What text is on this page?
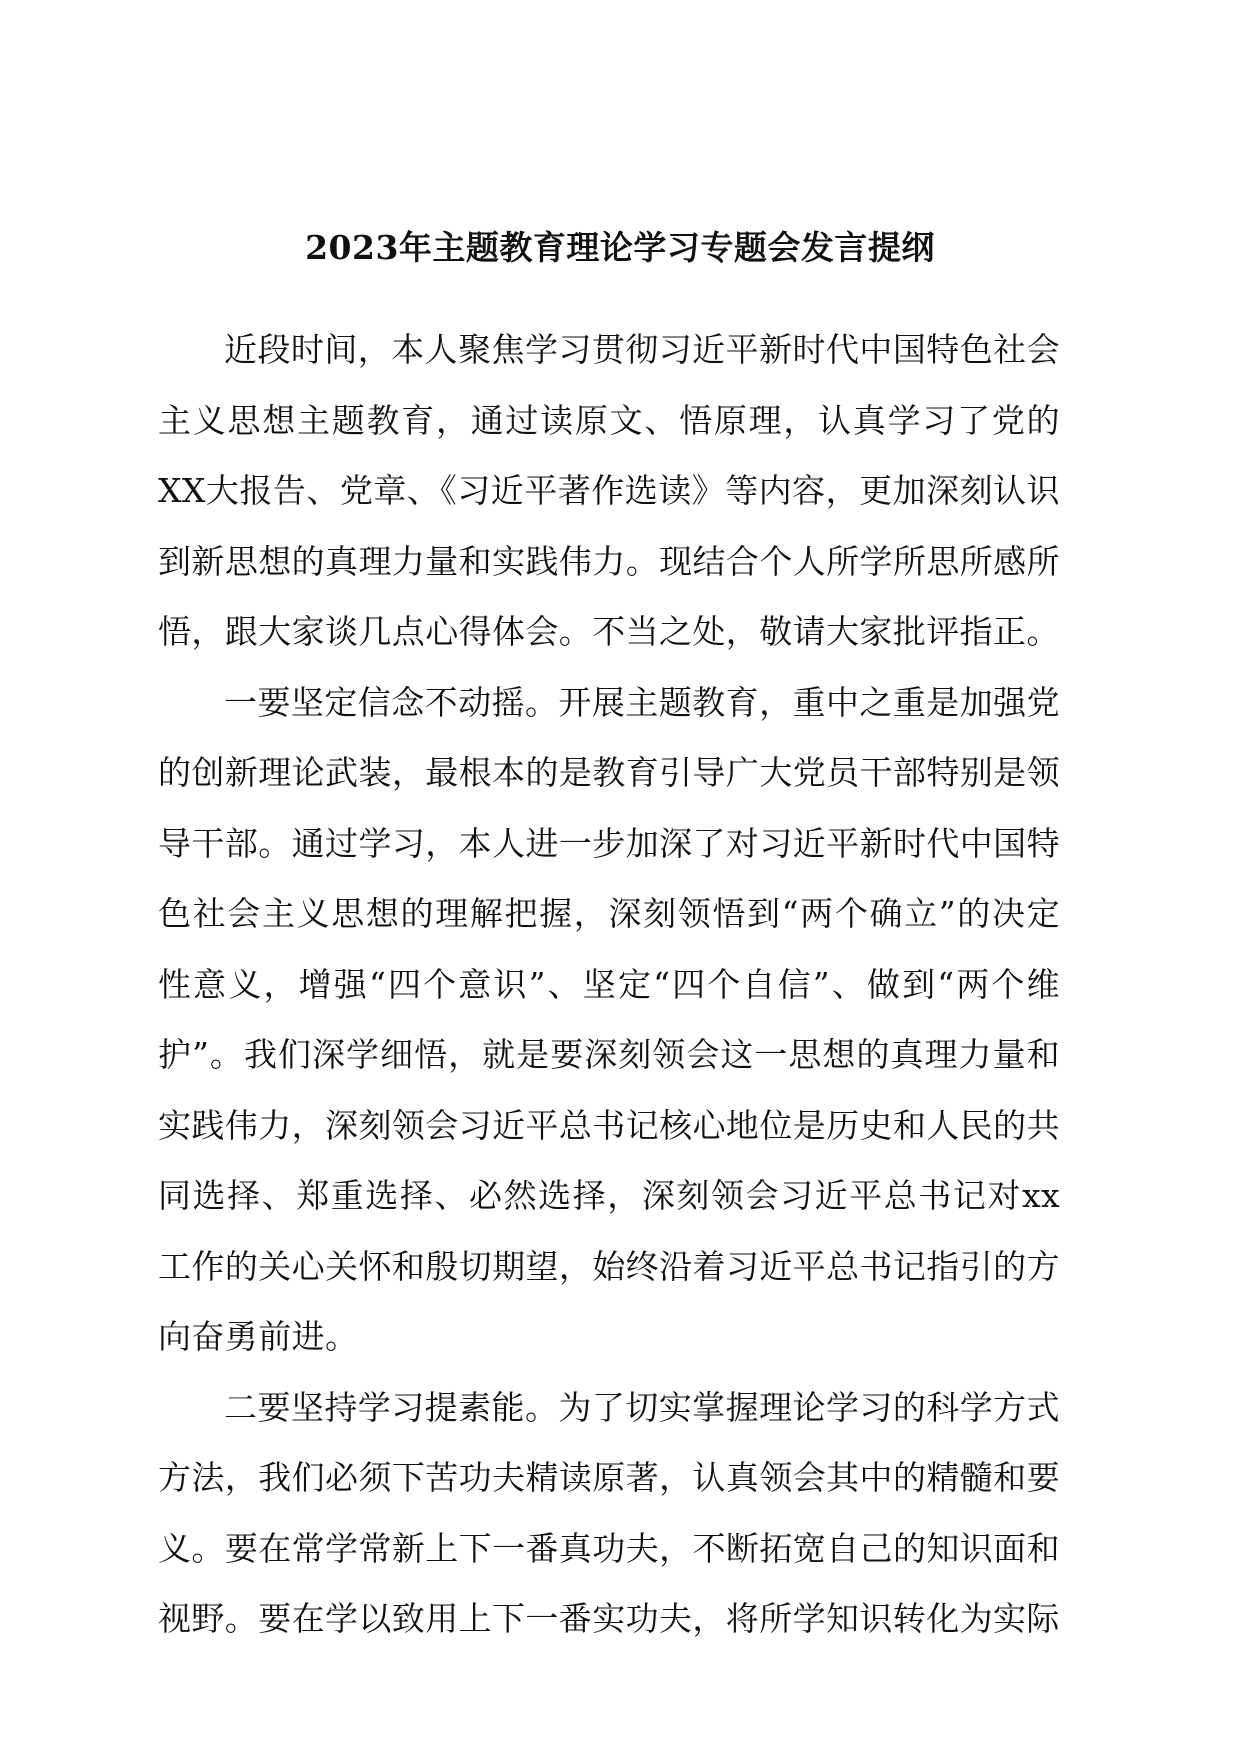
2023年主题教育理论学习专题会发言提纲

近段时间，本人聚焦学习贯彻习近平新时代中国特色社会主义思想主题教育，通过读原文、悟原理，认真学习了党的XX大报告、党章、《习近平著作选读》等内容，更加深刻认识到新思想的真理力量和实践伟力。现结合个人所学所思所感所悟，跟大家谈几点心得体会。不当之处，敬请大家批评指正。

一要坚定信念不动摇。开展主题教育，重中之重是加强党的创新理论武装，最根本的是教育引导广大党员干部特别是领导干部。通过学习，本人进一步加深了对习近平新时代中国特色社会主义思想的理解把握，深刻领悟到“两个确立”的决定性意义，增强“四个意识”、坚定“四个自信”、做到“两个维护”。我们深学细悟，就是要深刻领会这一思想的真理力量和实践伟力，深刻领会习近平总书记核心地位是历史和人民的共同选择、郑重选择、必然选择，深刻领会习近平总书记对xx工作的关心关怀和殷切期望，始终沿着习近平总书记指引的方向奋勇前进。

二要坚持学习提素能。为了切实掌握理论学习的科学方式方法，我们必须下苦功夫精读原著，认真领会其中的精髓和要义。要在常学常新上下一番真功夫，不断拓宽自己的知识面和视野。要在学以致用上下一番实功夫，将所学知识转化为实际
